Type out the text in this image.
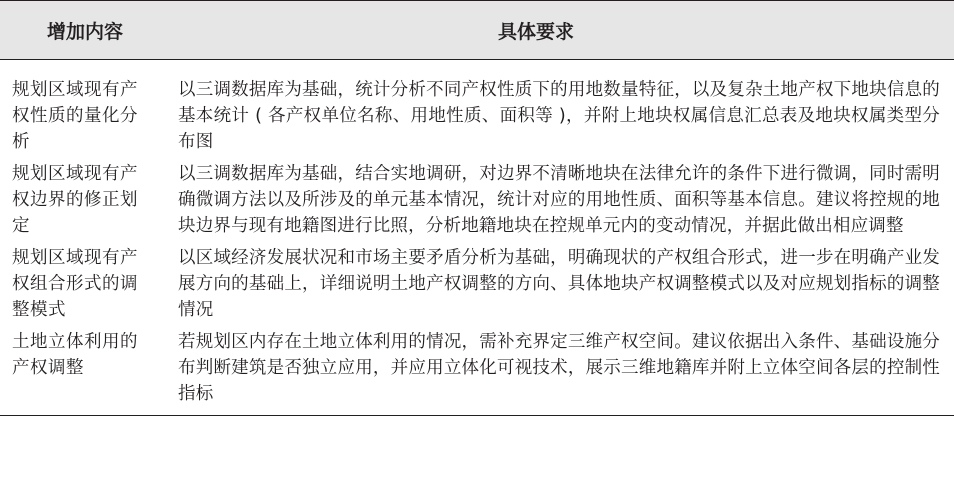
增加内容	具体要求
规划区域现有产权性质的量化分析	以三调数据库为基础，统计分析不同产权性质下的用地数量特征，以及复杂土地产权下地块信息的基本统计 ( 各产权单位名称、用地性质、面积等 )，并附上地块权属信息汇总表及地块权属类型分布图
规划区域现有产权边界的修正划定	以三调数据库为基础，结合实地调研，对边界不清晰地块在法律允许的条件下进行微调，同时需明确微调方法以及所涉及的单元基本情况，统计对应的用地性质、面积等基本信息。建议将控规的地块边界与现有地籍图进行比照，分析地籍地块在控规单元内的变动情况，并据此做出相应调整
规划区域现有产权组合形式的调整模式	以区域经济发展状况和市场主要矛盾分析为基础，明确现状的产权组合形式，进一步在明确产业发展方向的基础上，详细说明土地产权调整的方向、具体地块产权调整模式以及对应规划指标的调整情况
土地立体利用的产权调整	若规划区内存在土地立体利用的情况，需补充界定三维产权空间。建议依据出入条件、基础设施分布判断建筑是否独立应用，并应用立体化可视技术，展示三维地籍库并附上立体空间各层的控制性指标
